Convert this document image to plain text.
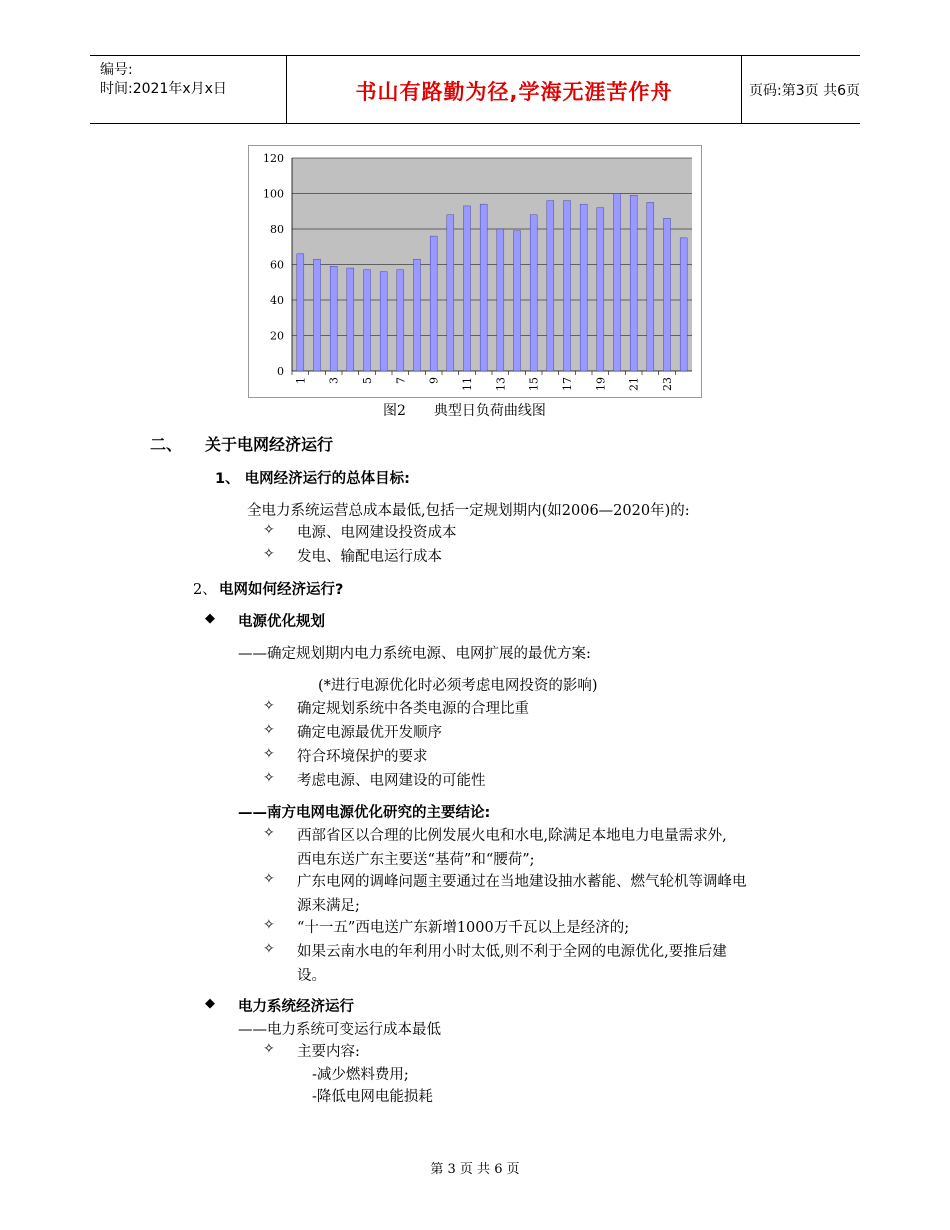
编号:
时间:2021年x月x日	书山有路勤为径,学海无涯苦作舟	页码:第3页 共6页
0
20
40
60
80
100
120
1 3 5 7 9 11 13 15 17 19 21 23
图2 典型日负荷曲线图
二、 关于电网经济运行
1、 电网经济运行的总体目标:
全电力系统运营总成本最低,包括一定规划期内(如2006—2020年)的:
✧ 电源、电网建设投资成本
✧ 发电、输配电运行成本
2、 电网如何经济运行?
◆ 电源优化规划
——确定规划期内电力系统电源、电网扩展的最优方案:
(*进行电源优化时必须考虑电网投资的影响)
✧ 确定规划系统中各类电源的合理比重
✧ 确定电源最优开发顺序
✧ 符合环境保护的要求
✧ 考虑电源、电网建设的可能性
——南方电网电源优化研究的主要结论:
✧ 西部省区以合理的比例发展火电和水电,除满足本地电力电量需求外,
西电东送广东主要送“基荷”和“腰荷”;
✧ 广东电网的调峰问题主要通过在当地建设抽水蓄能、燃气轮机等调峰电
源来满足;
✧ “十一五”西电送广东新增1000万千瓦以上是经济的;
✧ 如果云南水电的年利用小时太低,则不利于全网的电源优化,要推后建
设。
◆ 电力系统经济运行
——电力系统可变运行成本最低
✧ 主要内容:
-减少燃料费用;
-降低电网电能损耗
第 3 页 共 6 页
